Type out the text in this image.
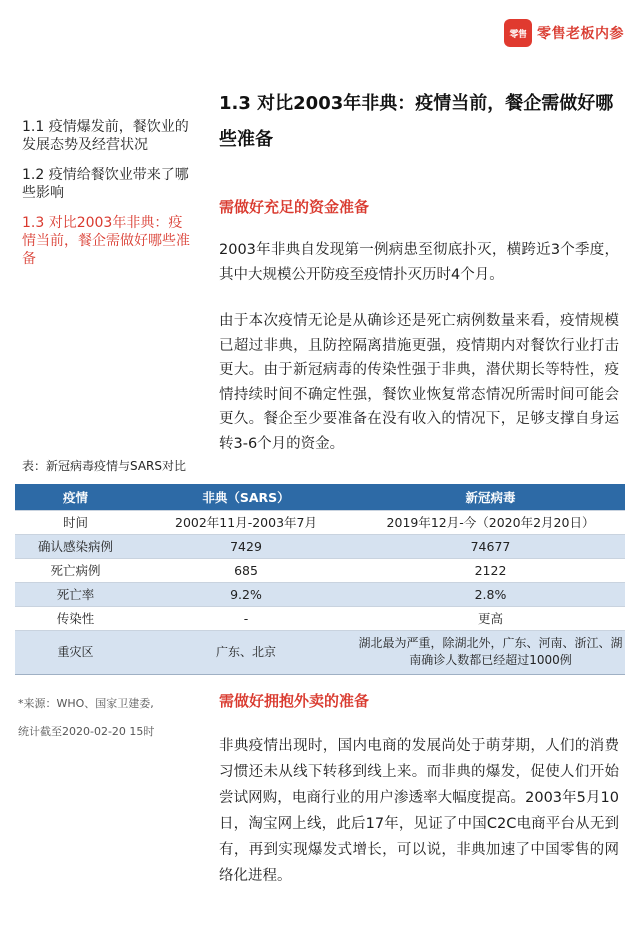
零售 零售老板内参
1.1 疫情爆发前，餐饮业的发展态势及经营状况
1.2 疫情给餐饮业带来了哪些影响
1.3 对比2003年非典：疫情当前，餐企需做好哪些准备
1.3 对比2003年非典：疫情当前，餐企需做好哪些准备
需做好充足的资金准备

2003年非典自发现第一例病患至彻底扑灭，横跨近3个季度，其中大规模公开防疫至疫情扑灭历时4个月。

由于本次疫情无论是从确诊还是死亡病例数量来看，疫情规模已超过非典，且防控隔离措施更强，疫情期内对餐饮行业打击更大。由于新冠病毒的传染性强于非典，潜伏期长等特性，疫情持续时间不确定性强，餐饮业恢复常态情况所需时间可能会更久。餐企至少要准备在没有收入的情况下，足够支撑自身运转3-6个月的资金。

表：新冠病毒疫情与SARS对比
疫情	非典（SARS）	新冠病毒
时间	2002年11月-2003年7月	2019年12月-今（2020年2月20日）
确认感染病例	7429	74677
死亡病例	685	2122
死亡率	9.2%	2.8%
传染性	-	更高
重灾区	广东、北京	湖北最为严重，除湖北外，广东、河南、浙江、湖南确诊人数都已经超过1000例
*来源：WHO、国家卫建委,
统计截至2020-02-20 15时
需做好拥抱外卖的准备

非典疫情出现时，国内电商的发展尚处于萌芽期，人们的消费习惯还未从线下转移到线上来。而非典的爆发，促使人们开始尝试网购，电商行业的用户渗透率大幅度提高。2003年5月10日，淘宝网上线，此后17年，见证了中国C2C电商平台从无到有，再到实现爆发式增长，可以说，非典加速了中国零售的网络化进程。
